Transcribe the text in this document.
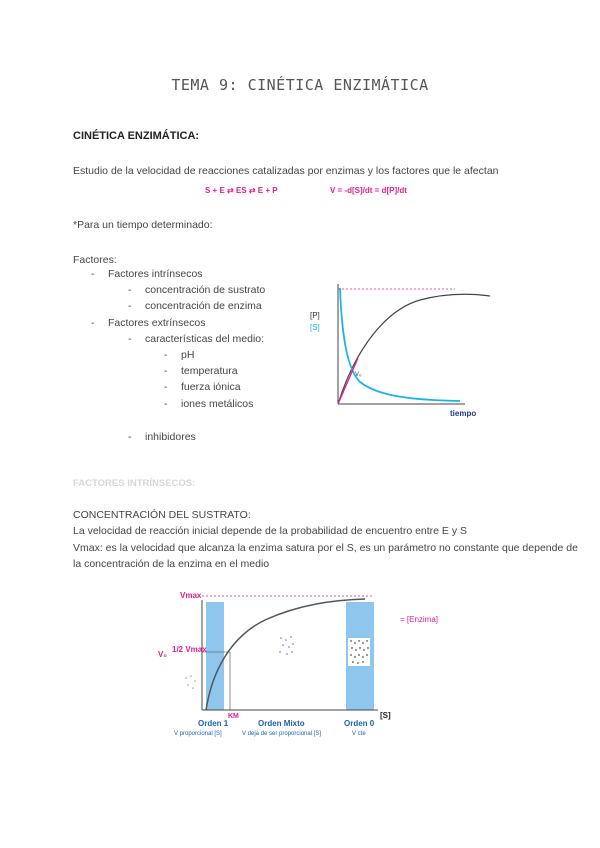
TEMA 9: CINÉTICA ENZIMÁTICA
CINÉTICA ENZIMÁTICA:
Estudio de la velocidad de reacciones catalizadas por enzimas y los factores que le afectan
S + E ⇄ ES ⇄ E + P	V = -d[S]/dt = d[P]/dt
*Para un tiempo determinado:
Factores:
- Factores intrínsecos
- concentración de sustrato
- concentración de enzima
- Factores extrínsecos
- características del medio:
- pH
- temperatura
- fuerza iónica
- iones metálicos
- inhibidores
[P]
[S]
V₀
tiempo
FACTORES INTRÍNSECOS:
CONCENTRACIÓN DEL SUSTRATO:
La velocidad de reacción inicial depende de la probabilidad de encuentro entre E y S
Vmax: es la velocidad que alcanza la enzima satura por el S, es un parámetro no constante que depende de
la concentración de la enzima en el medio
Vmax
1/2 Vmax
V₀
KM	[S]
= [Enzima]
Orden 1
V proporcional [S]
Orden Mixto
V deja de ser proporcional [S]
Orden 0
V cte
